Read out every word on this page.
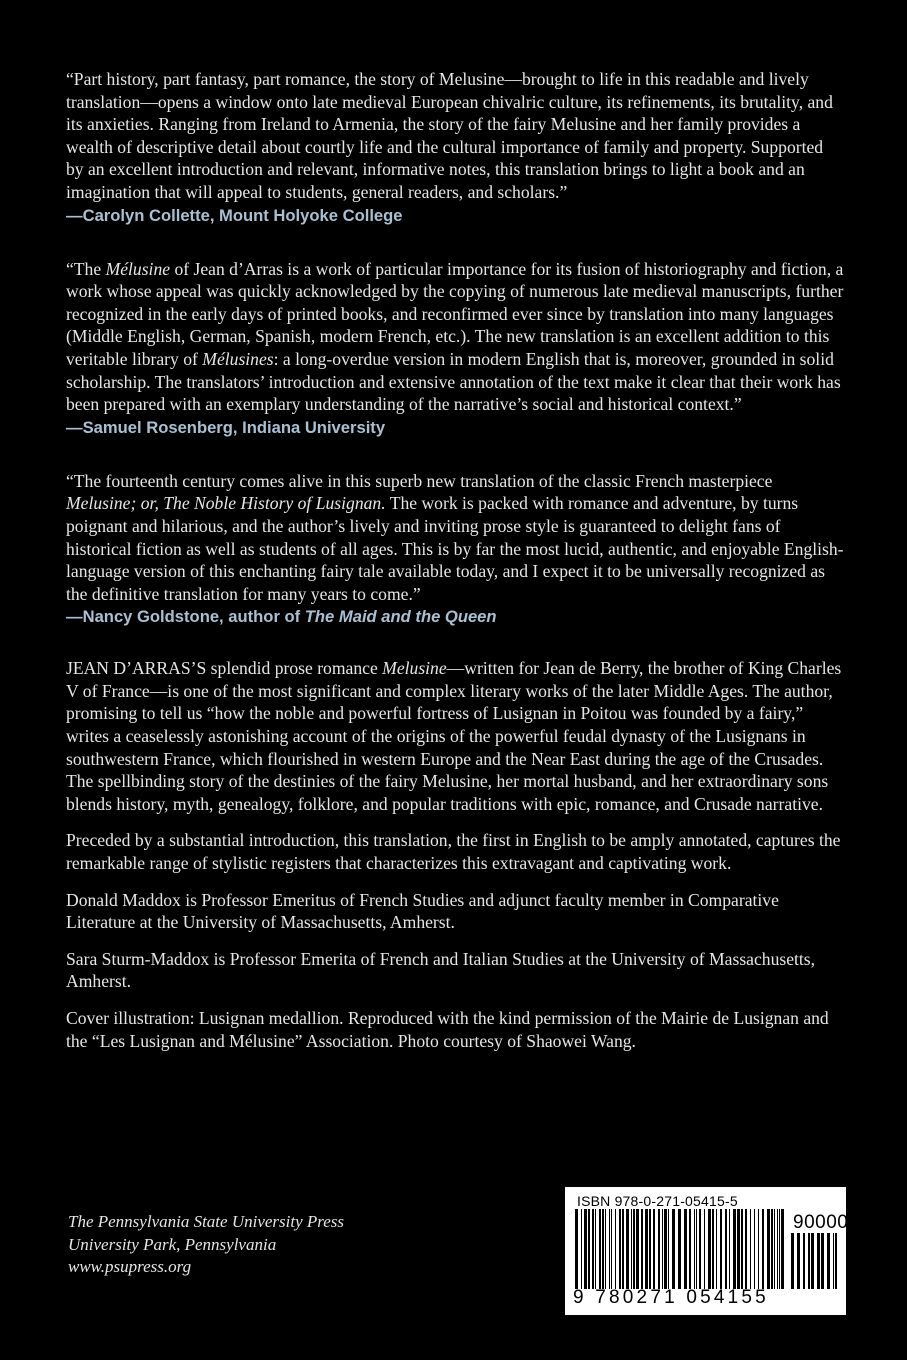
“Part history, part fantasy, part romance, the story of Melusine—brought to life in this readable and lively translation—opens a window onto late medieval European chivalric culture, its refinements, its brutality, and its anxieties. Ranging from Ireland to Armenia, the story of the fairy Melusine and her family provides a wealth of descriptive detail about courtly life and the cultural importance of family and property. Supported by an excellent introduction and relevant, informative notes, this translation brings to light a book and an imagination that will appeal to students, general readers, and scholars.”

—Carolyn Collette, Mount Holyoke College

“The Mélusine of Jean d’Arras is a work of particular importance for its fusion of historiography and fiction, a work whose appeal was quickly acknowledged by the copying of numerous late medieval manuscripts, further recognized in the early days of printed books, and reconfirmed ever since by translation into many languages (Middle English, German, Spanish, modern French, etc.). The new translation is an excellent addition to this veritable library of Mélusines: a long-overdue version in modern English that is, moreover, grounded in solid scholarship. The translators’ introduction and extensive annotation of the text make it clear that their work has been prepared with an exemplary understanding of the narrative’s social and historical context.”

—Samuel Rosenberg, Indiana University

“The fourteenth century comes alive in this superb new translation of the classic French masterpiece Melusine; or, The Noble History of Lusignan. The work is packed with romance and adventure, by turns poignant and hilarious, and the author’s lively and inviting prose style is guaranteed to delight fans of historical fiction as well as students of all ages. This is by far the most lucid, authentic, and enjoyable English-language version of this enchanting fairy tale available today, and I expect it to be universally recognized as the definitive translation for many years to come.”

—Nancy Goldstone, author of The Maid and the Queen

JEAN D’ARRAS’S splendid prose romance Melusine—written for Jean de Berry, the brother of King Charles V of France—is one of the most significant and complex literary works of the later Middle Ages. The author, promising to tell us “how the noble and powerful fortress of Lusignan in Poitou was founded by a fairy,” writes a ceaselessly astonishing account of the origins of the powerful feudal dynasty of the Lusignans in southwestern France, which flourished in western Europe and the Near East during the age of the Crusades. The spellbinding story of the destinies of the fairy Melusine, her mortal husband, and her extraordinary sons blends history, myth, genealogy, folklore, and popular traditions with epic, romance, and Crusade narrative.

Preceded by a substantial introduction, this translation, the first in English to be amply annotated, captures the remarkable range of stylistic registers that characterizes this extravagant and captivating work.

Donald Maddox is Professor Emeritus of French Studies and adjunct faculty member in Comparative Literature at the University of Massachusetts, Amherst.

Sara Sturm-Maddox is Professor Emerita of French and Italian Studies at the University of Massachusetts, Amherst.

Cover illustration: Lusignan medallion. Reproduced with the kind permission of the Mairie de Lusignan and the “Les Lusignan and Mélusine” Association. Photo courtesy of Shaowei Wang.

The Pennsylvania State University Press
University Park, Pennsylvania
www.psupress.org
ISBN 978-0-271-05415-5
90000
9 780271 054155
